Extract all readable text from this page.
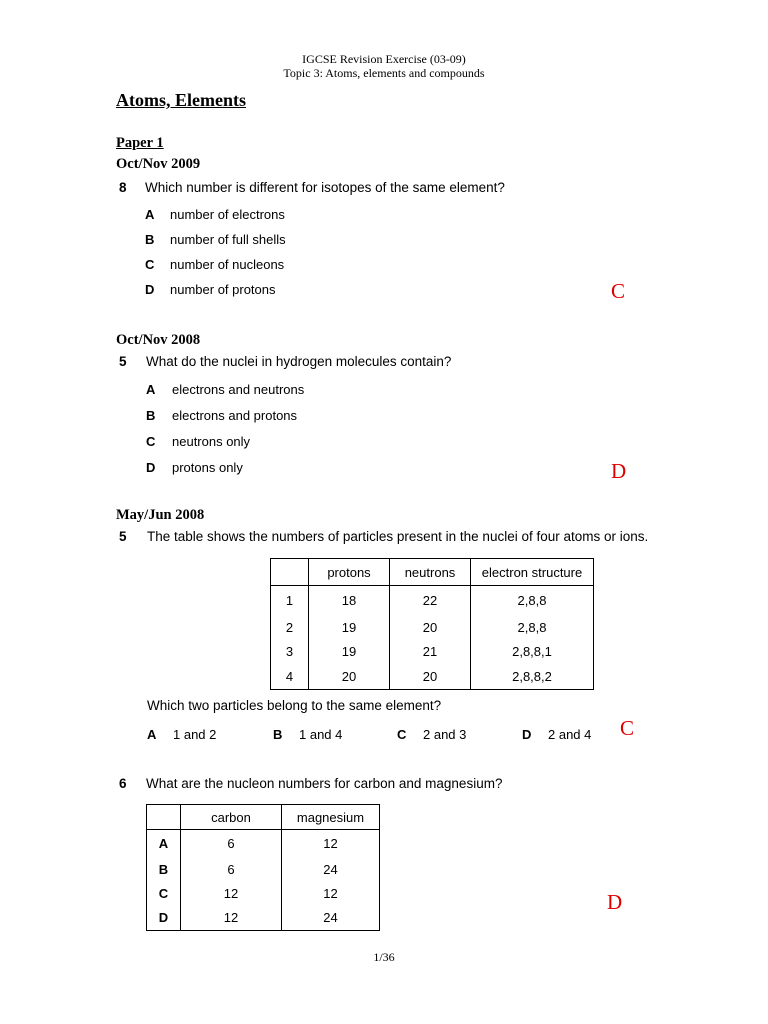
IGCSE Revision Exercise (03-09)
Topic 3: Atoms, elements and compounds
Atoms, Elements
Paper 1
Oct/Nov 2009
8 Which number is different for isotopes of the same element?
A number of electrons
B number of full shells
C number of nucleons
D number of protons	C
Oct/Nov 2008
5 What do the nuclei in hydrogen molecules contain?
A electrons and neutrons
B electrons and protons
C neutrons only
D protons only	D
May/Jun 2008
5 The table shows the numbers of particles present in the nuclei of four atoms or ions.
	protons	neutrons	electron structure
1	18	22	2,8,8
2	19	20	2,8,8
3	19	21	2,8,8,1
4	20	20	2,8,8,2
Which two particles belong to the same element?
A 1 and 2	B 1 and 4	C 2 and 3	D 2 and 4 C
6 What are the nucleon numbers for carbon and magnesium?
	carbon	magnesium
A	6	12
B	6	24
C	12	12
D	12	24
D
1/36
